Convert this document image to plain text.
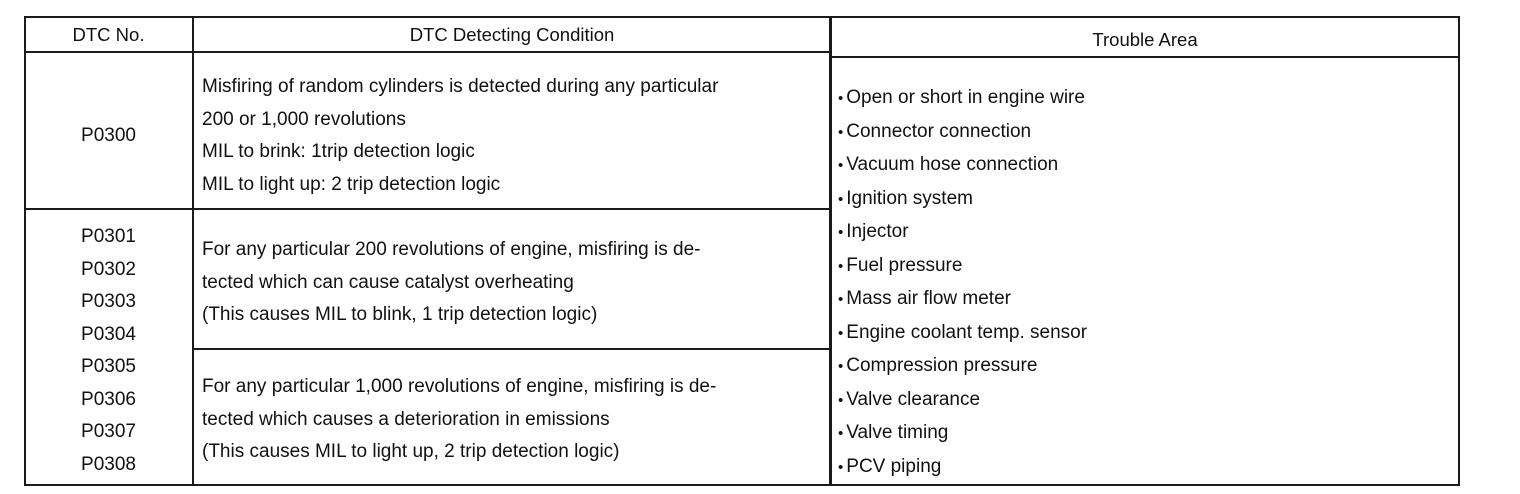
DTC No.	DTC Detecting Condition	Trouble Area
P0300
Misfiring of random cylinders is detected during any particular
200 or 1,000 revolutions
MIL to brink: 1trip detection logic
MIL to light up: 2 trip detection logic
P0301
P0302
P0303
P0304
P0305
P0306
P0307
P0308
For any particular 200 revolutions of engine, misfiring is de-
tected which can cause catalyst overheating
(This causes MIL to blink, 1 trip detection logic)
For any particular 1,000 revolutions of engine, misfiring is de-
tected which causes a deterioration in emissions
(This causes MIL to light up, 2 trip detection logic)
• Open or short in engine wire
• Connector connection
• Vacuum hose connection
• Ignition system
• Injector
• Fuel pressure
• Mass air flow meter
• Engine coolant temp. sensor
• Compression pressure
• Valve clearance
• Valve timing
• PCV piping
